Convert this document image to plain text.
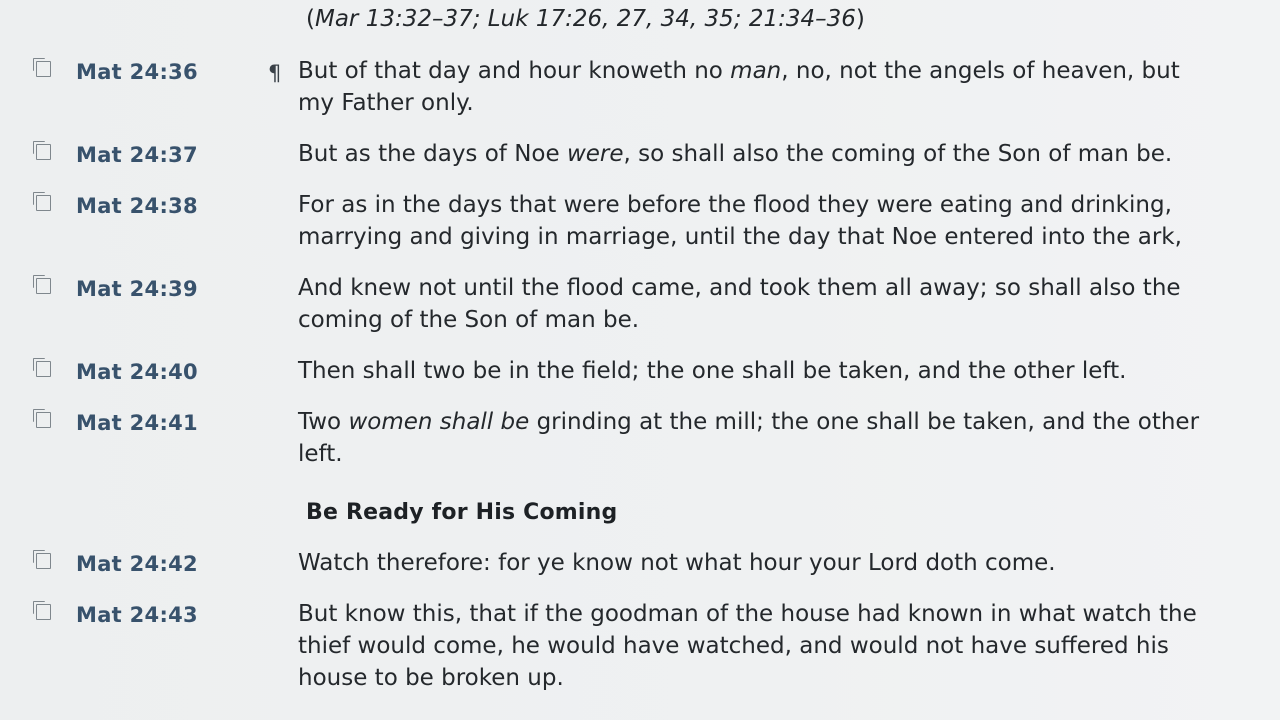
(Mar 13:32–37; Luk 17:26, 27, 34, 35; 21:34–36)
Mat 24:36	¶ But of that day and hour knoweth no man, no, not the angels of heaven, but my Father only.
Mat 24:37	But as the days of Noe were, so shall also the coming of the Son of man be.
Mat 24:38	For as in the days that were before the flood they were eating and drinking, marrying and giving in marriage, until the day that Noe entered into the ark,
Mat 24:39	And knew not until the flood came, and took them all away; so shall also the coming of the Son of man be.
Mat 24:40	Then shall two be in the field; the one shall be taken, and the other left.
Mat 24:41	Two women shall be grinding at the mill; the one shall be taken, and the other left.
Be Ready for His Coming
Mat 24:42	Watch therefore: for ye know not what hour your Lord doth come.
Mat 24:43	But know this, that if the goodman of the house had known in what watch the thief would come, he would have watched, and would not have suffered his house to be broken up.
